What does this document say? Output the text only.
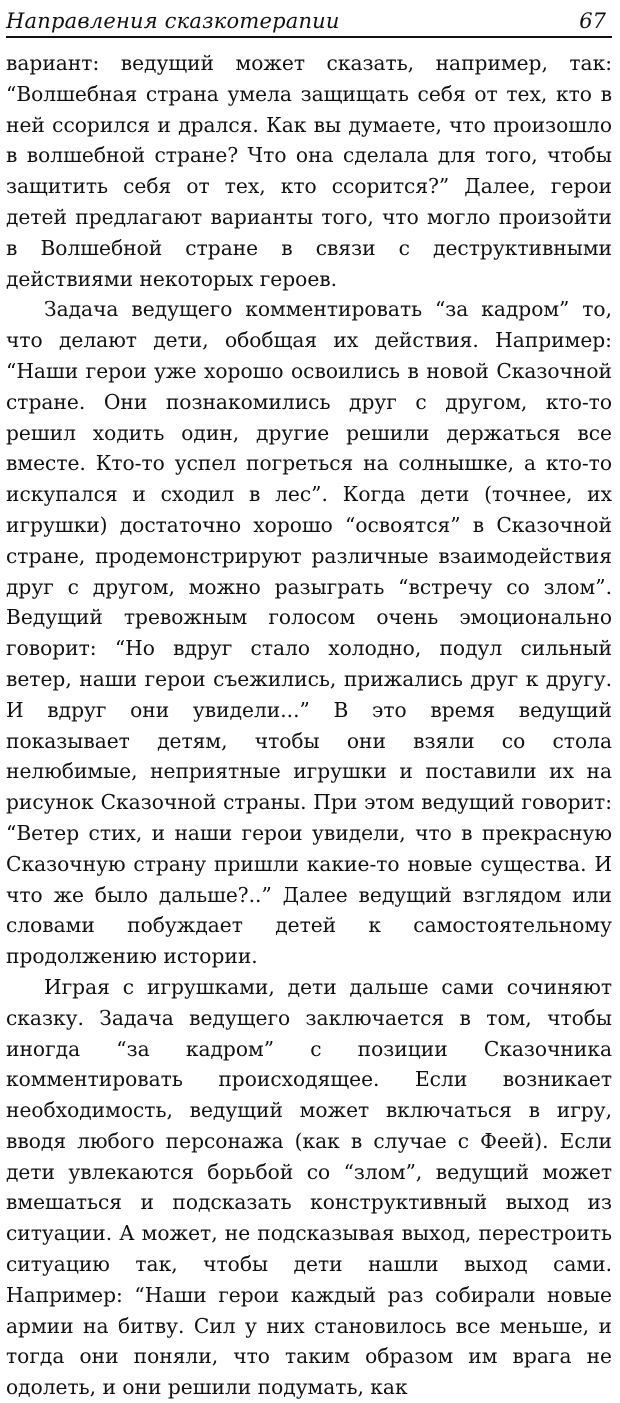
Направления сказкотерапии	67

вариант: ведущий может сказать, например, так: “Волшебная страна умела защищать себя от тех, кто в ней ссорился и дрался. Как вы думаете, что произошло в волшебной стране? Что она сделала для того, чтобы защитить себя от тех, кто ссорится?” Далее, герои детей предлагают варианты того, что могло произойти в Волшебной стране в связи с деструктивными действиями некоторых героев.

Задача ведущего комментировать “за кадром” то, что делают дети, обобщая их действия. Например: “Наши герои уже хорошо освоились в новой Сказочной стране. Они познакомились друг с другом, кто-то решил ходить один, другие решили держаться все вместе. Кто-то успел погреться на солнышке, а кто-то искупался и сходил в лес”. Когда дети (точнее, их игрушки) достаточно хорошо “освоятся” в Сказочной стране, продемонстрируют различные взаимодействия друг с другом, можно разыграть “встречу со злом”. Ведущий тревожным голосом очень эмоционально говорит: “Но вдруг стало холодно, подул сильный ветер, наши герои съежились, прижались друг к другу. И вдруг они увидели...” В это время ведущий показывает детям, чтобы они взяли со стола нелюбимые, неприятные игрушки и поставили их на рисунок Сказочной страны. При этом ведущий говорит: “Ветер стих, и наши герои увидели, что в прекрасную Сказочную страну пришли какие-то новые существа. И что же было дальше?..” Далее ведущий взглядом или словами побуждает детей к самостоятельному продолжению истории.

Играя с игрушками, дети дальше сами сочиняют сказку. Задача ведущего заключается в том, чтобы иногда “за кадром” с позиции Сказочника комментировать происходящее. Если возникает необходимость, ведущий может включаться в игру, вводя любого персонажа (как в случае с Феей). Если дети увлекаются борьбой со “злом”, ведущий может вмешаться и подсказать конструктивный выход из ситуации. А может, не подсказывая выход, перестроить ситуацию так, чтобы дети нашли выход сами. Например: “Наши герои каждый раз собирали новые армии на битву. Сил у них становилось все меньше, и тогда они поняли, что таким образом им врага не одолеть, и они решили подумать, как
